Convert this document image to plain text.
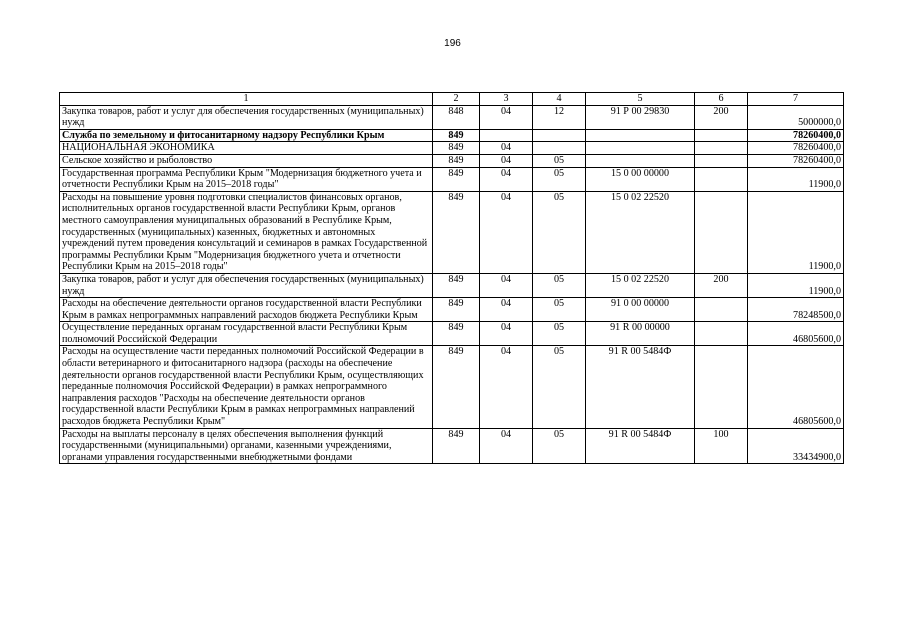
196
1	2	3	4	5	6	7
Закупка товаров, работ и услуг для обеспечения государственных (муниципальных) нужд	848	04	12	91 Р 00 29830	200	5000000,0
Служба по земельному и фитосанитарному надзору Республики Крым	849					78260400,0
НАЦИОНАЛЬНАЯ ЭКОНОМИКА	849	04				78260400,0
Сельское хозяйство и рыболовство	849	04	05			78260400,0
Государственная программа Республики Крым "Модернизация бюджетного учета и отчетности Республики Крым на 2015–2018 годы"	849	04	05	15 0 00 00000		11900,0
Расходы на повышение уровня подготовки специалистов финансовых органов, исполнительных органов государственной власти Республики Крым, органов местного самоуправления муниципальных образований в Республике Крым, государственных (муниципальных) казенных, бюджетных и автономных учреждений путем проведения консультаций и семинаров в рамках Государственной программы Республики Крым "Модернизация бюджетного учета и отчетности Республики Крым на 2015–2018 годы"	849	04	05	15 0 02 22520		11900,0
Закупка товаров, работ и услуг для обеспечения государственных (муниципальных) нужд	849	04	05	15 0 02 22520	200	11900,0
Расходы на обеспечение деятельности органов государственной власти Республики Крым в рамках непрограммных направлений расходов бюджета Республики Крым	849	04	05	91 0 00 00000		78248500,0
Осуществление переданных органам государственной власти Республики Крым полномочий Российской Федерации	849	04	05	91 R 00 00000		46805600,0
Расходы на осуществление части переданных полномочий Российской Федерации в области ветеринарного и фитосанитарного надзора (расходы на обеспечение деятельности органов государственной власти Республики Крым, осуществляющих переданные полномочия Российской Федерации) в рамках непрограммного направления расходов "Расходы на обеспечение деятельности органов государственной власти Республики Крым в рамках непрограммных направлений расходов бюджета Республики Крым"	849	04	05	91 R 00 5484Ф		46805600,0
Расходы на выплаты персоналу в целях обеспечения выполнения функций государственными (муниципальными) органами, казенными учреждениями, органами управления государственными внебюджетными фондами	849	04	05	91 R 00 5484Ф	100	33434900,0
